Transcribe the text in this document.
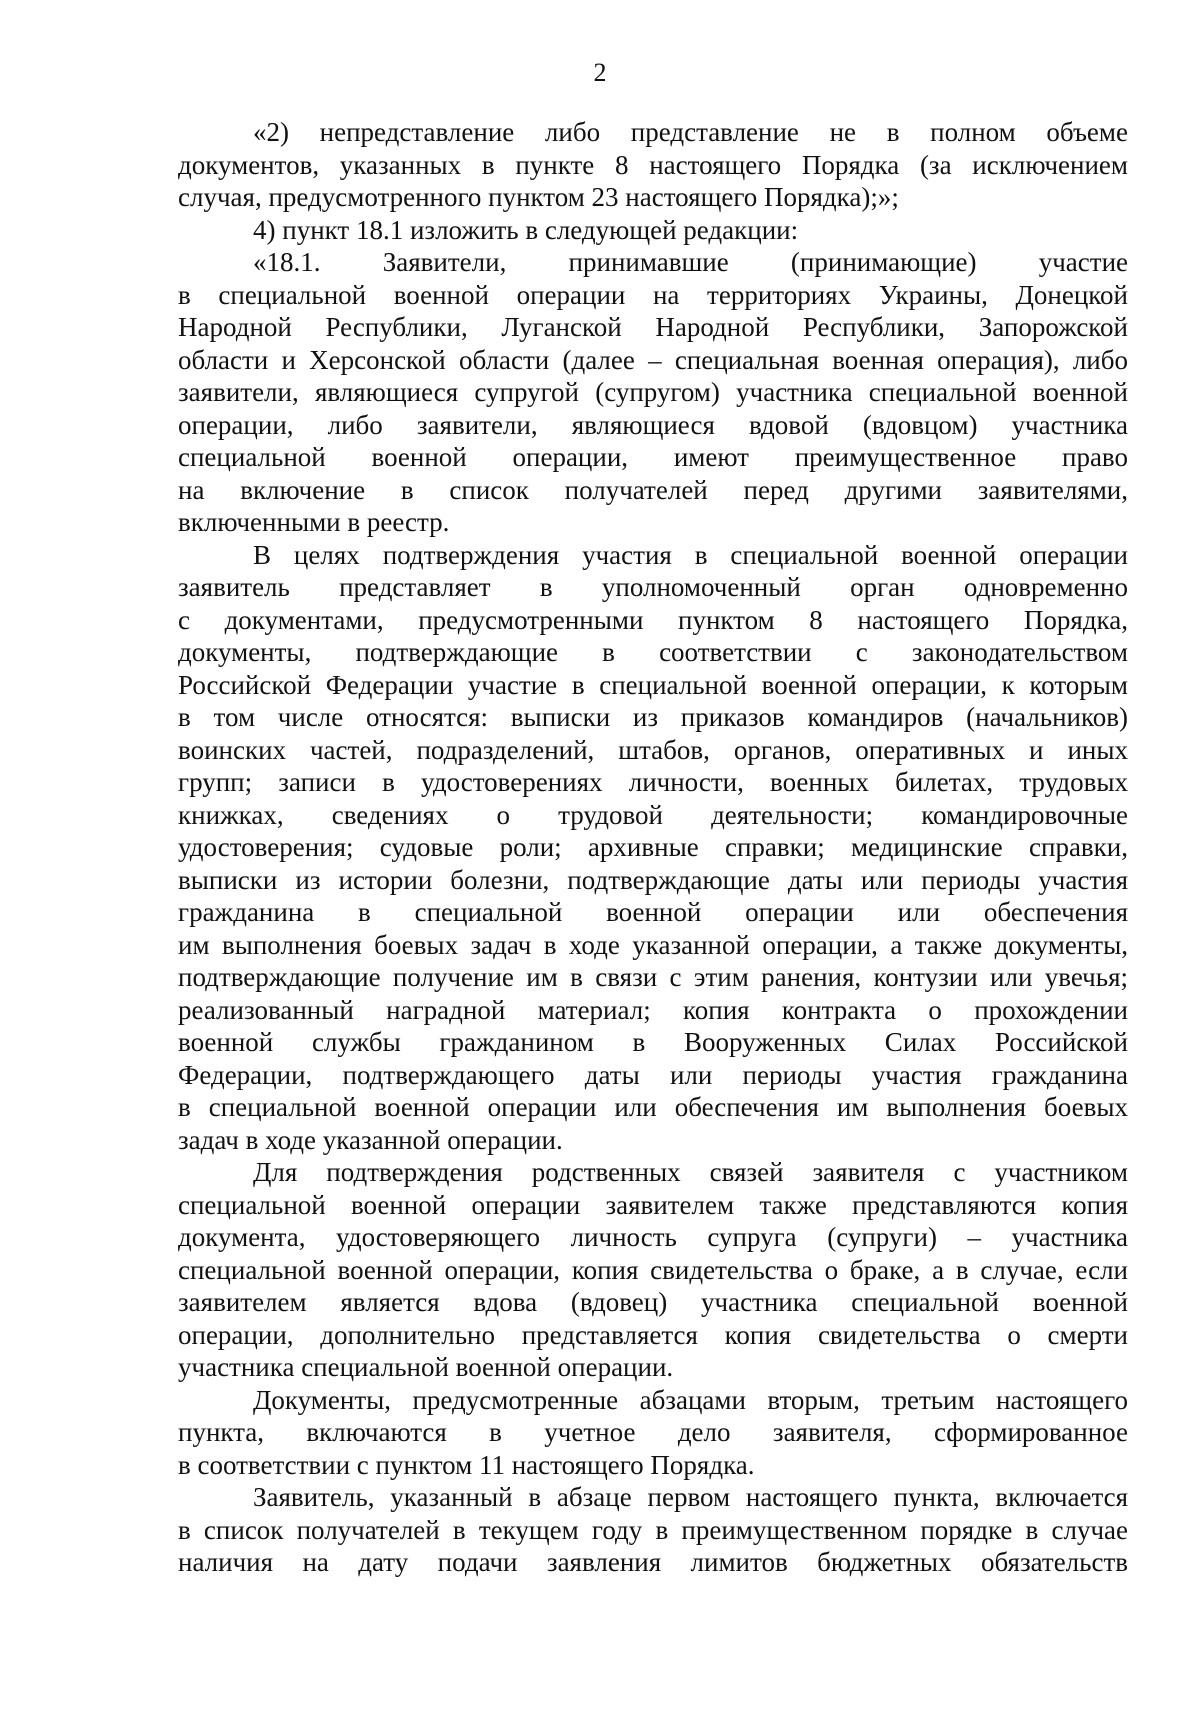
2
«2) непредставление либо представление не в полном объеме
документов, указанных в пункте 8 настоящего Порядка (за исключением
случая, предусмотренного пунктом 23 настоящего Порядка);»;
4) пункт 18.1 изложить в следующей редакции:
«18.1. Заявители, принимавшие (принимающие) участие
в специальной военной операции на территориях Украины, Донецкой
Народной Республики, Луганской Народной Республики, Запорожской
области и Херсонской области (далее – специальная военная операция), либо
заявители, являющиеся супругой (супругом) участника специальной военной
операции, либо заявители, являющиеся вдовой (вдовцом) участника
специальной военной операции, имеют преимущественное право
на включение в список получателей перед другими заявителями,
включенными в реестр.
В целях подтверждения участия в специальной военной операции
заявитель представляет в уполномоченный орган одновременно
с документами, предусмотренными пунктом 8 настоящего Порядка,
документы, подтверждающие в соответствии с законодательством
Российской Федерации участие в специальной военной операции, к которым
в том числе относятся: выписки из приказов командиров (начальников)
воинских частей, подразделений, штабов, органов, оперативных и иных
групп; записи в удостоверениях личности, военных билетах, трудовых
книжках, сведениях о трудовой деятельности; командировочные
удостоверения; судовые роли; архивные справки; медицинские справки,
выписки из истории болезни, подтверждающие даты или периоды участия
гражданина в специальной военной операции или обеспечения
им выполнения боевых задач в ходе указанной операции, а также документы,
подтверждающие получение им в связи с этим ранения, контузии или увечья;
реализованный наградной материал; копия контракта о прохождении
военной службы гражданином в Вооруженных Силах Российской
Федерации, подтверждающего даты или периоды участия гражданина
в специальной военной операции или обеспечения им выполнения боевых
задач в ходе указанной операции.
Для подтверждения родственных связей заявителя с участником
специальной военной операции заявителем также представляются копия
документа, удостоверяющего личность супруга (супруги) – участника
специальной военной операции, копия свидетельства о браке, а в случае, если
заявителем является вдова (вдовец) участника специальной военной
операции, дополнительно представляется копия свидетельства о смерти
участника специальной военной операции.
Документы, предусмотренные абзацами вторым, третьим настоящего
пункта, включаются в учетное дело заявителя, сформированное
в соответствии с пунктом 11 настоящего Порядка.
Заявитель, указанный в абзаце первом настоящего пункта, включается
в список получателей в текущем году в преимущественном порядке в случае
наличия на дату подачи заявления лимитов бюджетных обязательств
